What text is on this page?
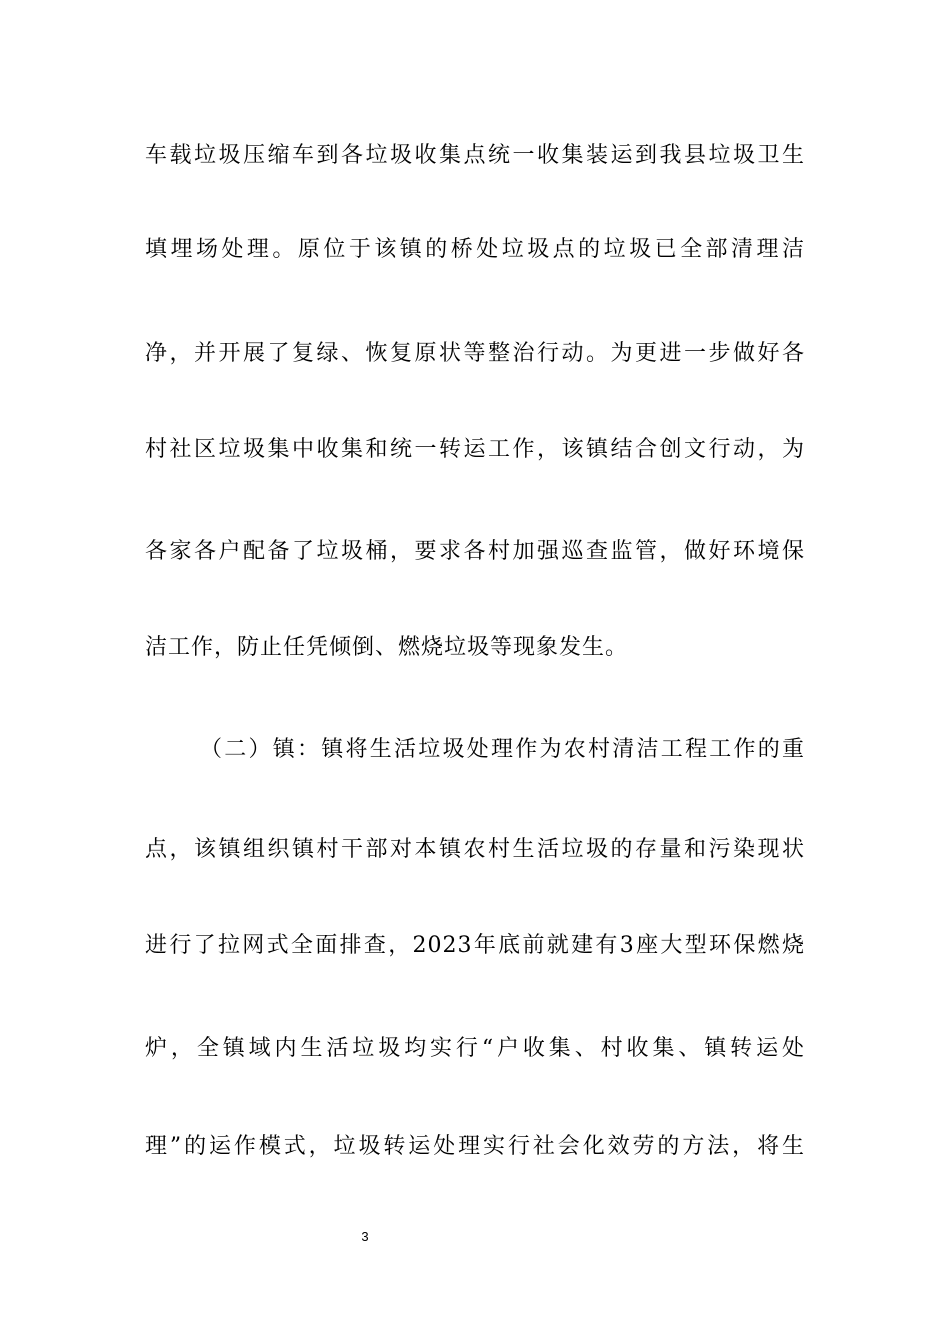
车载垃圾压缩车到各垃圾收集点统一收集装运到我县垃圾卫生
填埋场处理。原位于该镇的桥处垃圾点的垃圾已全部清理洁
净，并开展了复绿、恢复原状等整治行动。为更进一步做好各
村社区垃圾集中收集和统一转运工作，该镇结合创文行动，为
各家各户配备了垃圾桶，要求各村加强巡查监管，做好环境保
洁工作，防止任凭倾倒、燃烧垃圾等现象发生。
（二）镇：镇将生活垃圾处理作为农村清洁工程工作的重
点，该镇组织镇村干部对本镇农村生活垃圾的存量和污染现状
进行了拉网式全面排查，2023年底前就建有3座大型环保燃烧
炉，全镇域内生活垃圾均实行“户收集、村收集、镇转运处
理”的运作模式，垃圾转运处理实行社会化效劳的方法，将生
3
